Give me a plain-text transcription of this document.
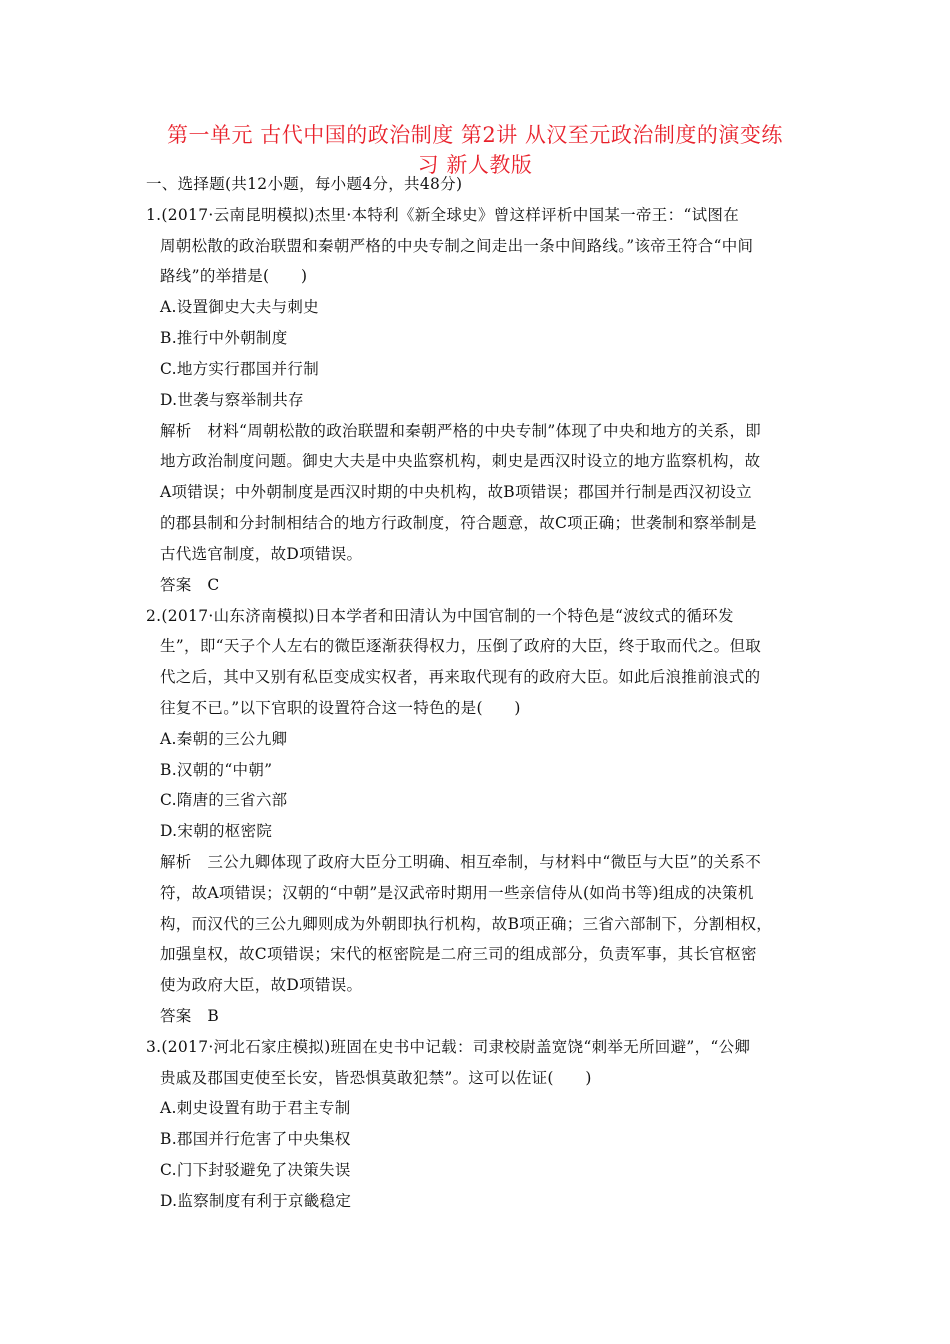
第一单元 古代中国的政治制度 第2讲 从汉至元政治制度的演变练
习 新人教版
一、选择题(共12小题，每小题4分，共48分)
1.(2017·云南昆明模拟)杰里·本特利《新全球史》曾这样评析中国某一帝王：“试图在
周朝松散的政治联盟和秦朝严格的中央专制之间走出一条中间路线。”该帝王符合“中间
路线”的举措是(　　)
A.设置御史大夫与刺史
B.推行中外朝制度
C.地方实行郡国并行制
D.世袭与察举制共存
解析　材料“周朝松散的政治联盟和秦朝严格的中央专制”体现了中央和地方的关系，即
地方政治制度问题。御史大夫是中央监察机构，刺史是西汉时设立的地方监察机构，故
A项错误；中外朝制度是西汉时期的中央机构，故B项错误；郡国并行制是西汉初设立
的郡县制和分封制相结合的地方行政制度，符合题意，故C项正确；世袭制和察举制是
古代选官制度，故D项错误。
答案　C
2.(2017·山东济南模拟)日本学者和田清认为中国官制的一个特色是“波纹式的循环发
生”，即“天子个人左右的微臣逐渐获得权力，压倒了政府的大臣，终于取而代之。但取
代之后，其中又别有私臣变成实权者，再来取代现有的政府大臣。如此后浪推前浪式的
往复不已。”以下官职的设置符合这一特色的是(　　)
A.秦朝的三公九卿
B.汉朝的“中朝”
C.隋唐的三省六部
D.宋朝的枢密院
解析　三公九卿体现了政府大臣分工明确、相互牵制，与材料中“微臣与大臣”的关系不
符，故A项错误；汉朝的“中朝”是汉武帝时期用一些亲信侍从(如尚书等)组成的决策机
构，而汉代的三公九卿则成为外朝即执行机构，故B项正确；三省六部制下，分割相权，
加强皇权，故C项错误；宋代的枢密院是二府三司的组成部分，负责军事，其长官枢密
使为政府大臣，故D项错误。
答案　B
3.(2017·河北石家庄模拟)班固在史书中记载：司隶校尉盖宽饶“刺举无所回避”，“公卿
贵戚及郡国吏使至长安，皆恐惧莫敢犯禁”。这可以佐证(　　)
A.刺史设置有助于君主专制
B.郡国并行危害了中央集权
C.门下封驳避免了决策失误
D.监察制度有利于京畿稳定
